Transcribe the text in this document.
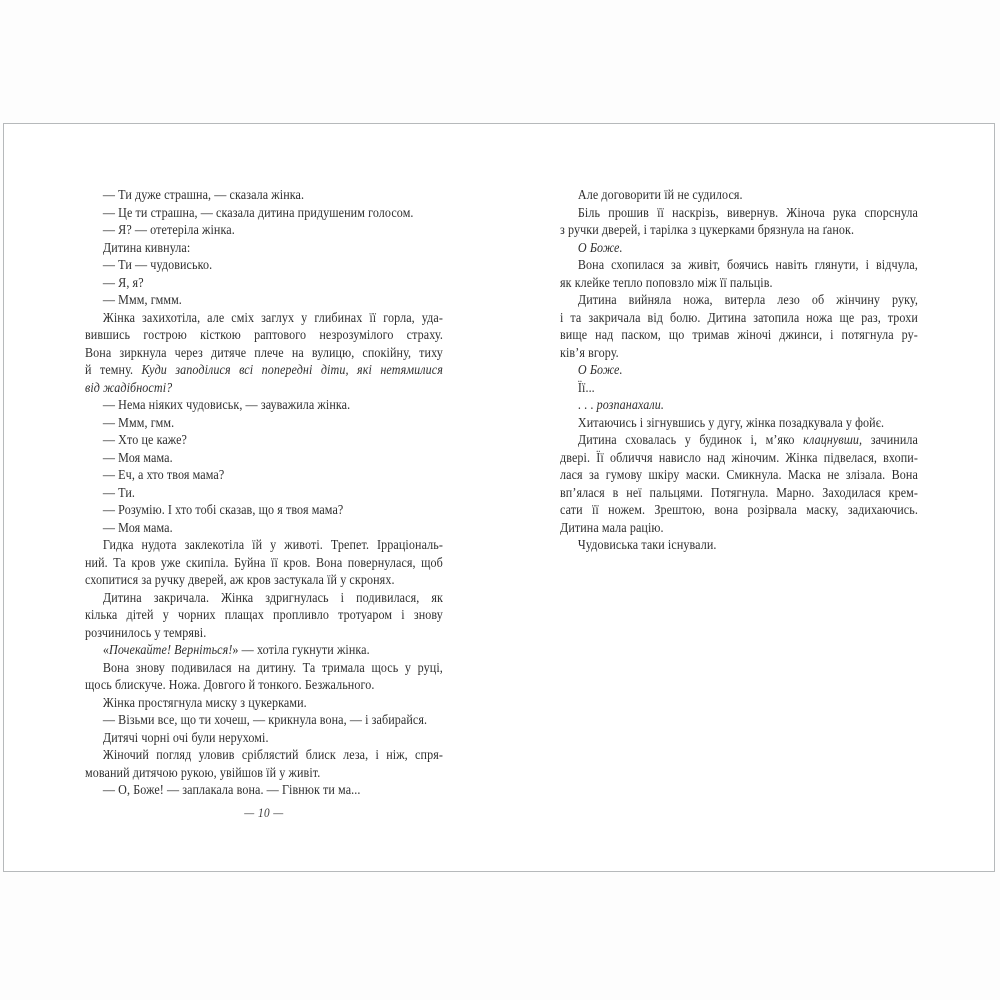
— Ти дуже страшна, — сказала жінка.
— Це ти страшна, — сказала дитина придушеним голосом.
— Я? — отетеріла жінка.
Дитина кивнула:
— Ти — чудовисько.
— Я, я?
— Ммм, гммм.
Жінка захихотіла, але сміх заглух у глибинах її горла, уда-
вившись гострою кісткою раптового незрозумілого страху.
Вона зиркнула через дитяче плече на вулицю, спокійну, тиху
й темну. Куди заподілися всі попередні діти, які нетямилися
від жадібності?
— Нема ніяких чудовиськ, — зауважила жінка.
— Ммм, гмм.
— Хто це каже?
— Моя мама.
— Еч, а хто твоя мама?
— Ти.
— Розумію. І хто тобі сказав, що я твоя мама?
— Моя мама.
Гидка нудота заклекотіла їй у животі. Трепет. Ірраціональ-
ний. Та кров уже скипіла. Буйна її кров. Вона повернулася, щоб
схопитися за ручку дверей, аж кров застукала їй у скронях.
Дитина закричала. Жінка здригнулась і подивилася, як
кілька дітей у чорних плащах пропливло тротуаром і знову
розчинилось у темряві.
«Почекайте! Верніться!» — хотіла гукнути жінка.
Вона знову подивилася на дитину. Та тримала щось у руці,
щось блискуче. Ножа. Довгого й тонкого. Безжального.
Жінка простягнула миску з цукерками.
— Візьми все, що ти хочеш, — крикнула вона, — і забирайся.
Дитячі чорні очі були нерухомі.
Жіночий погляд уловив сріблястий блиск леза, і ніж, спря-
мований дитячою рукою, увійшов їй у живіт.
— О, Боже! — заплакала вона. — Гівнюк ти ма...
— 10 —
Але договорити їй не судилося.
Біль прошив її наскрізь, вивернув. Жіноча рука спорснула
з ручки дверей, і тарілка з цукерками брязнула на ґанок.
О Боже.
Вона схопилася за живіт, боячись навіть глянути, і відчула,
як клейке тепло поповзло між її пальців.
Дитина вийняла ножа, витерла лезо об жінчину руку,
і та закричала від болю. Дитина затопила ножа ще раз, трохи
вище над паском, що тримав жіночі джинси, і потягнула ру-
ків’я вгору.
О Боже.
Її...
. . . розпанахали.
Хитаючись і зігнувшись у дугу, жінка позадкувала у фойє.
Дитина сховалась у будинок і, м’яко клацнувши, зачинила
двері. Її обличчя нависло над жіночим. Жінка підвелася, вхопи-
лася за гумову шкіру маски. Смикнула. Маска не злізала. Вона
вп’ялася в неї пальцями. Потягнула. Марно. Заходилася крем-
сати її ножем. Зрештою, вона розірвала маску, задихаючись.
Дитина мала рацію.
Чудовиська таки існували.
